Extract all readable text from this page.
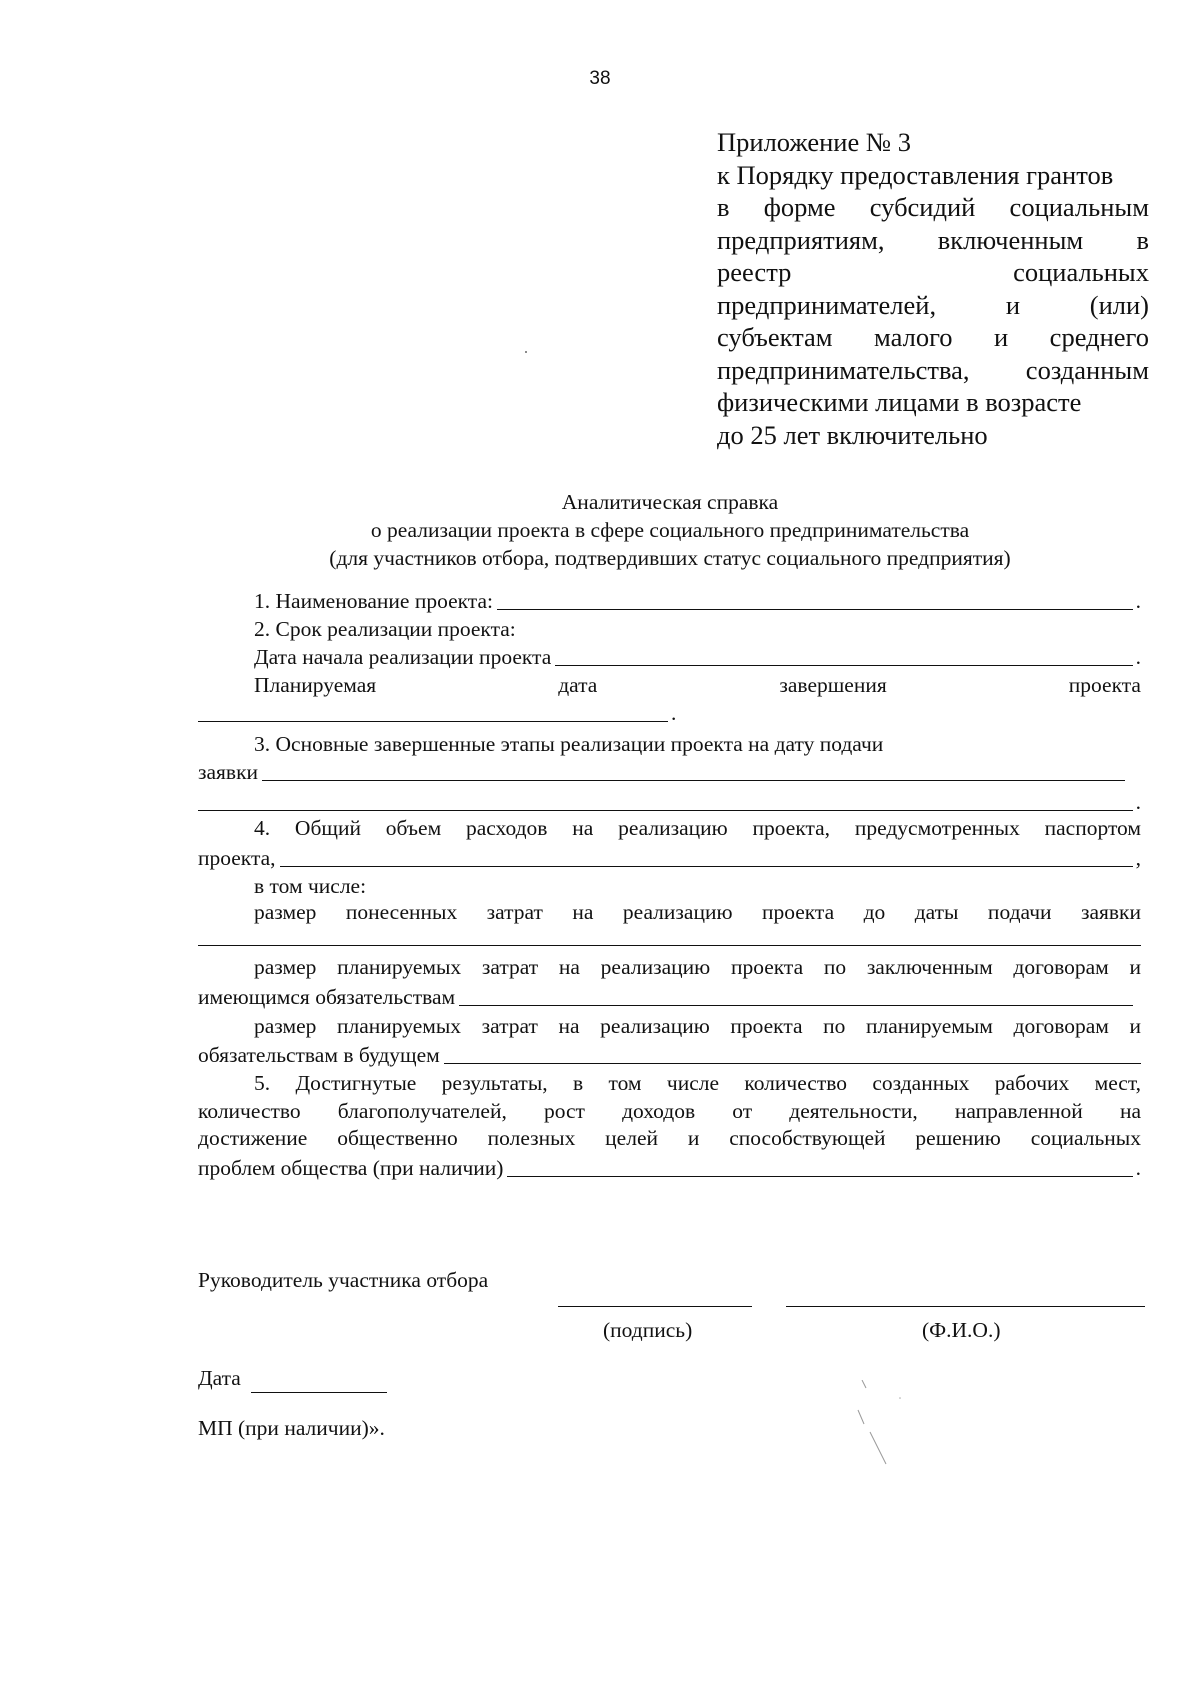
38
Приложение № 3
к Порядку предоставления грантов
в форме субсидий социальным
предприятиям, включенным в
реестр социальных
предпринимателей, и (или)
субъектам малого и среднего
предпринимательства, созданным
физическими лицами в возрасте
до 25 лет включительно
Аналитическая справка
о реализации проекта в сфере социального предпринимательства
(для участников отбора, подтвердивших статус социального предприятия)
1. Наименование проекта:	.
2. Срок реализации проекта:
Дата начала реализации проекта	.
Планируемая	дата	завершения	проекта
.
3. Основные завершенные этапы реализации проекта на дату подачи
заявки
.
4. Общий объем расходов на реализацию проекта, предусмотренных паспортом
проекта,	,
в том числе:
размер понесенных затрат на реализацию проекта до даты подачи заявки
размер планируемых затрат на реализацию проекта по заключенным договорам и
имеющимся обязательствам
размер планируемых затрат на реализацию проекта по планируемым договорам и
обязательствам в будущем
5. Достигнутые результаты, в том числе количество созданных рабочих мест,
количество благополучателей, рост доходов от деятельности, направленной на
достижение общественно полезных целей и способствующей решению социальных
проблем общества (при наличии)	.
Руководитель участника отбора
(подпись)	(Ф.И.О.)
Дата
МП (при наличии)».
